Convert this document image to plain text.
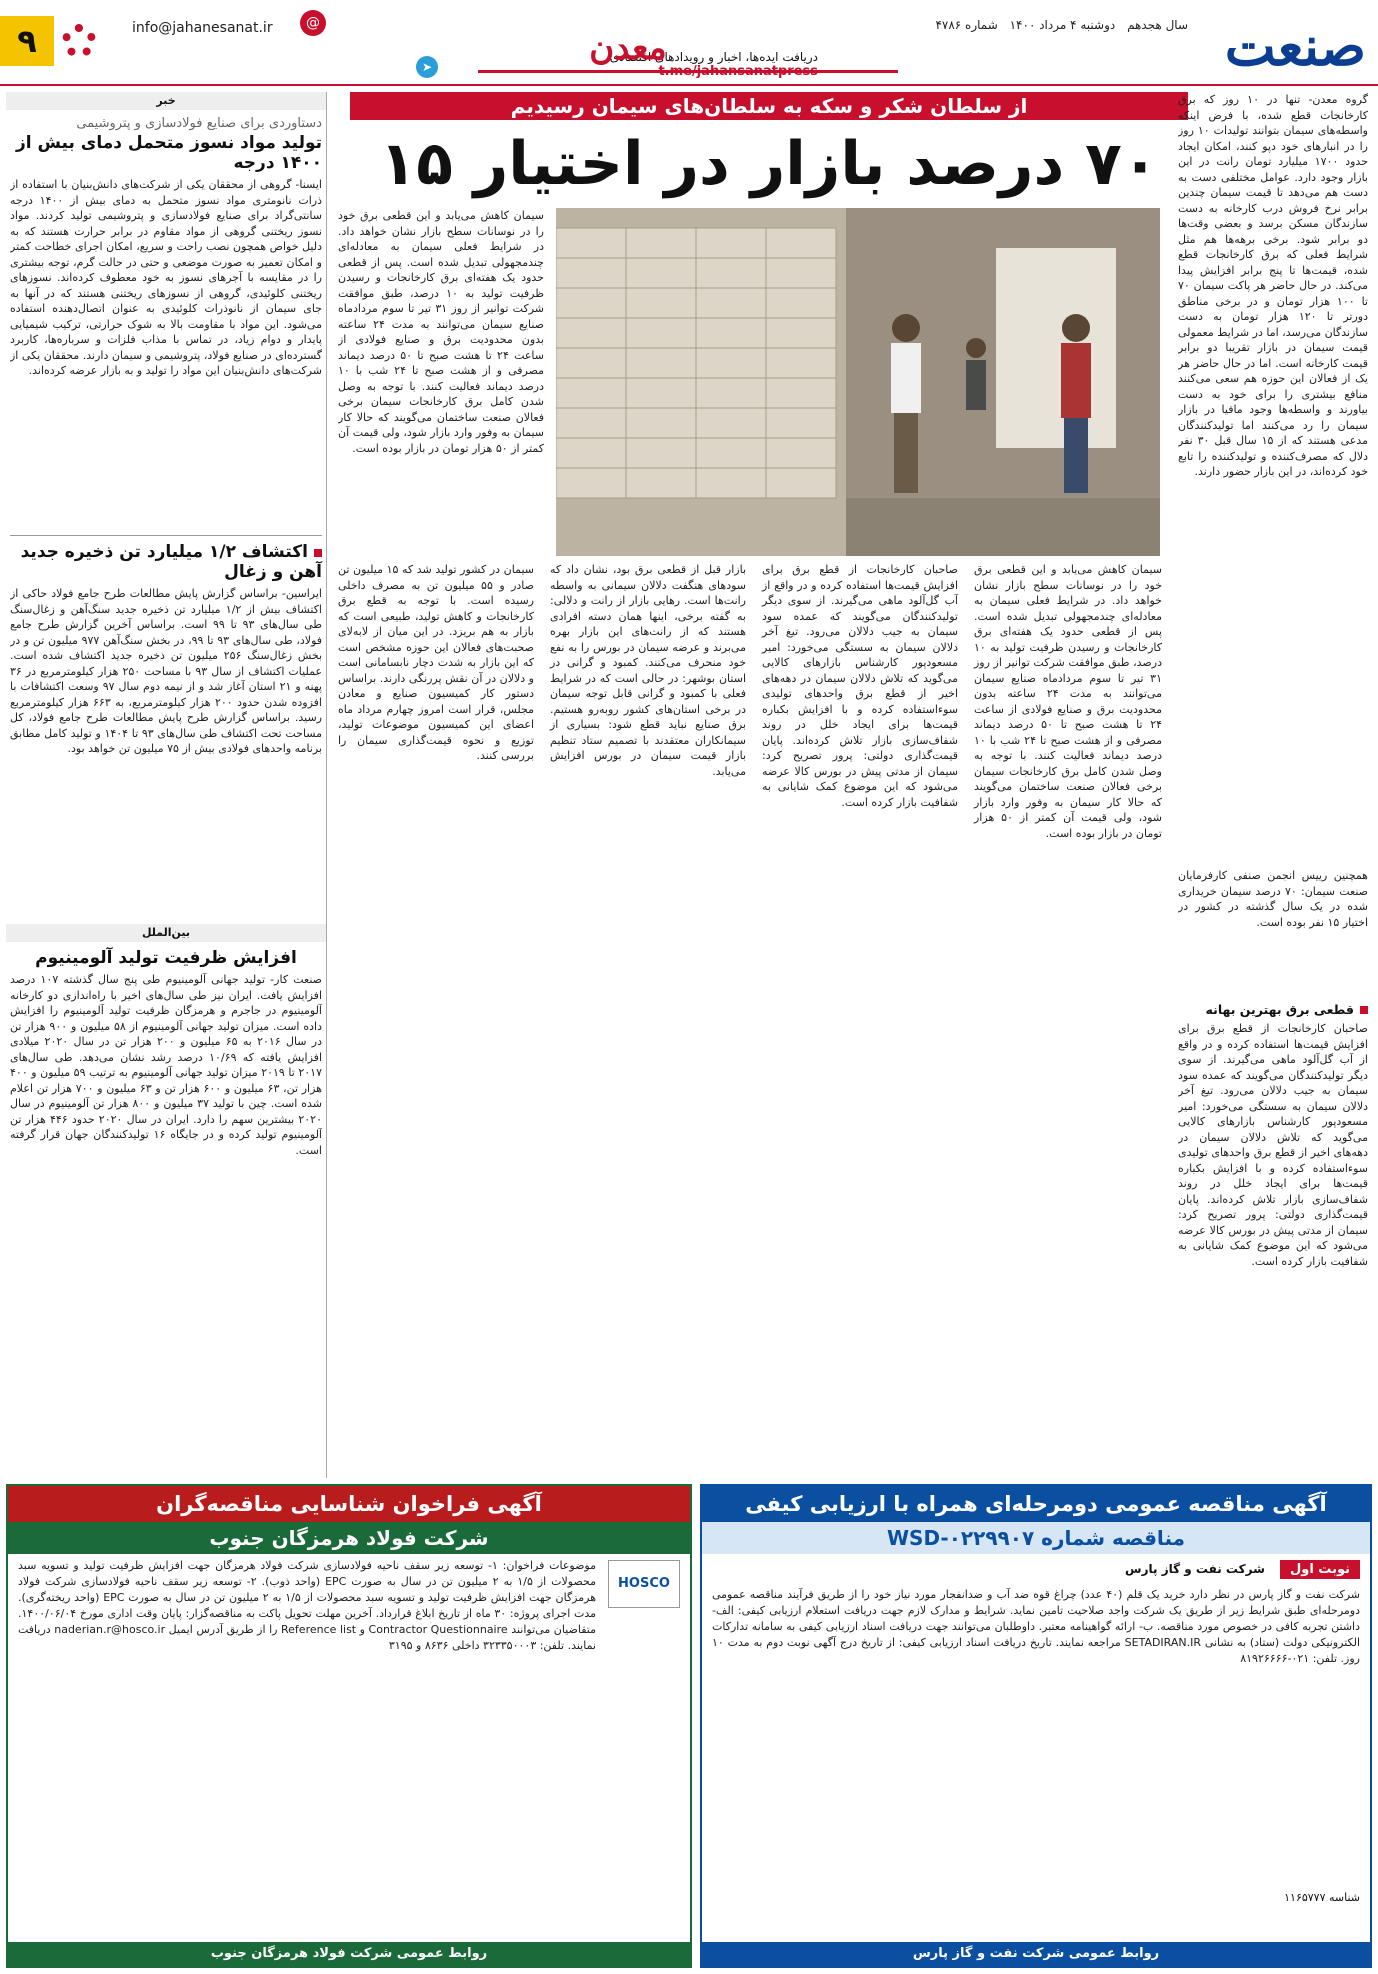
صنعت
سال هجدهم دوشنبه ۴ مرداد ۱۴۰۰ شماره ۴۷۸۶
دریافت ایده‌ها، اخبار و رویدادهای اقتصادی
➤	معدن
@
info@jahanesanat.ir
۹
خبر
دستاوردی برای صنایع فولادسازی و پتروشیمی
تولید مواد نسوز متحمل دمای بیش از ۱۴۰۰ درجه
ایسنا- گروهی از محققان یکی از شرکت‌های دانش‌بنیان با استفاده از ذرات نانومتری مواد نسوز متحمل به دمای بیش از ۱۴۰۰ درجه سانتی‌گراد برای صنایع فولادسازی و پتروشیمی تولید کردند. مواد نسوز ریختنی گروهی از مواد مقاوم در برابر حرارت هستند که به دلیل خواص همچون نصب راحت و سریع، امکان اجرای خطاحت کمتر و امکان تعمیر به صورت موضعی و حتی در حالت گرم، توجه بیشتری را در مقایسه با آجرهای نسوز به خود معطوف کرده‌اند. نسوزهای ریختنی کلوئیدی، گروهی از نسوزهای ریختنی هستند که در آنها به جای سیمان از نانوذرات کلوئیدی به عنوان اتصال‌دهنده استفاده می‌شود. این مواد با مقاومت بالا به شوک حرارتی، ترکیب شیمیایی پایدار و دوام زیاد، در تماس با مذاب فلزات و سرباره‌ها، کاربرد گسترده‌ای در صنایع فولاد، پتروشیمی و سیمان دارند. محققان یکی از شرکت‌های دانش‌بنیان این مواد را تولید و به بازار عرضه کرده‌اند.
اکتشاف ۱/۲ میلیارد تن ذخیره جدید آهن و زغال
ایراسین- براساس گزارش پایش مطالعات طرح جامع فولاد حاکی از اکتشاف بیش از ۱/۲ میلیارد تن ذخیره جدید سنگ‌آهن و زغال‌سنگ طی سال‌های ۹۳ تا ۹۹ است. براساس آخرین گزارش طرح جامع فولاد، طی سال‌های ۹۳ تا ۹۹، در بخش سنگ‌آهن ۹۷۷ میلیون تن و در بخش زغال‌سنگ ۲۵۶ میلیون تن ذخیره جدید اکتشاف شده است. عملیات اکتشاف از سال ۹۳ با مساحت ۲۵۰ هزار کیلومترمربع در ۳۶ پهنه و ۲۱ استان آغاز شد و از نیمه دوم سال ۹۷ وسعت اکتشافات با افزوده شدن حدود ۲۰۰ هزار کیلومترمربع، به ۶۶۳ هزار کیلومترمربع رسید. براساس گزارش طرح پایش مطالعات طرح جامع فولاد، کل مساحت تحت اکتشاف طی سال‌های ۹۳ تا ۱۴۰۴ و تولید کامل مطابق برنامه واحدهای فولادی بیش از ۷۵ میلیون تن خواهد بود.
بین‌الملل
افزایش ظرفیت تولید آلومینیوم
صنعت کار- تولید جهانی آلومینیوم طی پنج سال گذشته ۱۰۷ درصد افزایش یافت. ایران نیز طی سال‌های اخیر با راه‌اندازی دو کارخانه آلومینیوم در جاجرم و هرمزگان ظرفیت تولید آلومینیوم را افزایش داده است. میزان تولید جهانی آلومینیوم از ۵۸ میلیون و ۹۰۰ هزار تن در سال ۲۰۱۶ به ۶۵ میلیون و ۲۰۰ هزار تن در سال ۲۰۲۰ میلادی افزایش یافته که ۱۰/۶۹ درصد رشد نشان می‌دهد. طی سال‌های ۲۰۱۷ تا ۲۰۱۹ میزان تولید جهانی آلومینیوم به ترتیب ۵۹ میلیون و ۴۰۰ هزار تن، ۶۳ میلیون و ۶۰۰ هزار تن و ۶۳ میلیون و ۷۰۰ هزار تن اعلام شده است. چین با تولید ۳۷ میلیون و ۸۰۰ هزار تن آلومینیوم در سال ۲۰۲۰ بیشترین سهم را دارد. ایران در سال ۲۰۲۰ حدود ۴۴۶ هزار تن آلومینیوم تولید کرده و در جایگاه ۱۶ تولیدکنندگان جهان قرار گرفته است.
از سلطان شکر و سکه به سلطان‌های سیمان رسیدیم
۷۰ درصد بازار در اختیار ۱۵
گروه معدن- تنها در ۱۰ روز که برق کارخانجات قطع شده، با فرض اینکه واسطه‌های سیمان بتوانند تولیدات ۱۰ روز را در انبارهای خود دپو کنند، امکان ایجاد حدود ۱۷۰۰ میلیارد تومان رانت در این بازار وجود دارد. عوامل مختلفی دست به دست هم می‌دهد تا قیمت سیمان چندین برابر نرخ فروش درب کارخانه به دست سازندگان مسکن برسد و بعضی وقت‌ها دو برابر شود. برخی برهه‌ها هم مثل شرایط فعلی که برق کارخانجات قطع شده، قیمت‌ها تا پنج برابر افزایش پیدا می‌کند. در حال حاضر هر پاکت سیمان ۷۰ تا ۱۰۰ هزار تومان و در برخی مناطق دورتر تا ۱۲۰ هزار تومان به دست سازندگان می‌رسد، اما در شرایط معمولی قیمت سیمان در بازار تقریبا دو برابر قیمت کارخانه است. اما در حال حاضر هر یک از فعالان این حوزه هم سعی می‌کنند منافع بیشتری را برای خود به دست بیاورند و واسطه‌ها وجود مافیا در بازار سیمان را رد می‌کنند اما تولیدکنندگان مدعی هستند که از ۱۵ سال قبل ۳۰ نفر دلال که مصرف‌کننده و تولیدکننده را تابع خود کرده‌اند، در این بازار حضور دارند.
همچنین رییس انجمن صنفی کارفرمایان صنعت سیمان: ۷۰ درصد سیمان خریداری شده در یک سال گذشته در کشور در اختیار ۱۵ نفر بوده است.
قطعی برق بهترین بهانه
صاحبان کارخانجات از قطع برق برای افزایش قیمت‌ها استفاده کرده و در واقع از آب گل‌آلود ماهی می‌گیرند. از سوی دیگر تولیدکنندگان می‌گویند که عمده سود سیمان به جیب دلالان می‌رود. تیغ آخر دلالان سیمان به سستگی می‌خورد: امیر مسعودپور کارشناس بازارهای کالایی می‌گوید که تلاش دلالان سیمان در دهه‌های اخیر از قطع برق واحدهای تولیدی سوءاستفاده کرده و با افزایش بکباره قیمت‌ها برای ایجاد خلل در روند شفاف‌سازی بازار تلاش کرده‌اند. پایان قیمت‌گذاری دولتی: پرور تصریح کرد: سیمان از مدتی پیش در بورس کالا عرضه می‌شود که این موضوع کمک شایانی به شفافیت بازار کرده است.
سیمان کاهش می‌یابد و این قطعی برق خود را در نوسانات سطح بازار نشان خواهد داد. در شرایط فعلی سیمان به معادله‌ای چندمجهولی تبدیل شده است. پس از قطعی حدود یک هفته‌ای برق کارخانجات و رسیدن ظرفیت تولید به ۱۰ درصد، طبق موافقت شرکت توانیر از روز ۳۱ تیر تا سوم مردادماه صنایع سیمان می‌توانند به مدت ۲۴ ساعته بدون محدودیت برق و صنایع فولادی از ساعت ۲۴ تا هشت صبح تا ۵۰ درصد دیماند مصرفی و از هشت صبح تا ۲۴ شب با ۱۰ درصد دیماند فعالیت کنند. با توجه به وصل شدن کامل برق کارخانجات سیمان برخی فعالان صنعت ساختمان می‌گویند که حالا کار سیمان به وفور وارد بازار شود، ولی قیمت آن کمتر از ۵۰ هزار تومان در بازار بوده است.
سیمان در کشور تولید شد که ۱۵ میلیون تن صادر و ۵۵ میلیون تن به مصرف داخلی رسیده است. با توجه به قطع برق کارخانجات و کاهش تولید، طبیعی است که بازار به هم بریزد. در این میان از لابه‌لای صحبت‌های فعالان این حوزه مشخص است که این بازار به شدت دچار نابسامانی است و دلالان در آن نقش پررنگی دارند. براساس دستور کار کمیسیون صنایع و معادن مجلس، قرار است امروز چهارم مرداد ماه اعضای این کمیسیون موضوعات تولید، توزیع و نحوه قیمت‌گذاری سیمان را بررسی کنند.
بازار قبل از قطعی برق بود، نشان داد که سودهای هنگفت دلالان سیمانی به واسطه رانت‌ها است. رهایی بازار از رانت و دلالی: به گفته برخی، اینها همان دسته افرادی هستند که از رانت‌های این بازار بهره می‌برند و عرضه سیمان در بورس را به نفع خود منحرف می‌کنند. کمبود و گرانی در استان بوشهر: در حالی است که در شرایط فعلی با کمبود و گرانی قابل توجه سیمان در برخی استان‌های کشور روبه‌رو هستیم. برق صنایع نباید قطع شود: بسیاری از سیمانکاران معتقدند با تصمیم ستاد تنظیم بازار قیمت سیمان در بورس افزایش می‌یابد.
صاحبان کارخانجات از قطع برق برای افزایش قیمت‌ها استفاده کرده و در واقع از آب گل‌آلود ماهی می‌گیرند. از سوی دیگر تولیدکنندگان می‌گویند که عمده سود سیمان به جیب دلالان می‌رود. تیغ آخر دلالان سیمان به سستگی می‌خورد: امیر مسعودپور کارشناس بازارهای کالایی می‌گوید که تلاش دلالان سیمان در دهه‌های اخیر از قطع برق واحدهای تولیدی سوءاستفاده کرده و با افزایش بکباره قیمت‌ها برای ایجاد خلل در روند شفاف‌سازی بازار تلاش کرده‌اند. پایان قیمت‌گذاری دولتی: پرور تصریح کرد: سیمان از مدتی پیش در بورس کالا عرضه می‌شود که این موضوع کمک شایانی به شفافیت بازار کرده است.
سیمان کاهش می‌یابد و این قطعی برق خود را در نوسانات سطح بازار نشان خواهد داد. در شرایط فعلی سیمان به معادله‌ای چندمجهولی تبدیل شده است. پس از قطعی حدود یک هفته‌ای برق کارخانجات و رسیدن ظرفیت تولید به ۱۰ درصد، طبق موافقت شرکت توانیر از روز ۳۱ تیر تا سوم مردادماه صنایع سیمان می‌توانند به مدت ۲۴ ساعته بدون محدودیت برق و صنایع فولادی از ساعت ۲۴ تا هشت صبح تا ۵۰ درصد دیماند مصرفی و از هشت صبح تا ۲۴ شب با ۱۰ درصد دیماند فعالیت کنند. با توجه به وصل شدن کامل برق کارخانجات سیمان برخی فعالان صنعت ساختمان می‌گویند که حالا کار سیمان به وفور وارد بازار شود، ولی قیمت آن کمتر از ۵۰ هزار تومان در بازار بوده است.
آگهی مناقصه عمومی دومرحله‌ای همراه با ارزیابی کیفی
مناقصه شماره WSD-۰۲۲۹۹۰۷
نوبت اول شرکت نفت و گاز پارس
شرکت نفت و گاز پارس در نظر دارد خرید یک قلم (۴۰ عدد) چراغ قوه ضد آب و ضدانفجار مورد نیاز خود را از طریق فرآیند مناقصه عمومی دومرحله‌ای طبق شرایط زیر از طریق یک شرکت واجد صلاحیت تامین نماید. شرایط و مدارک لازم جهت دریافت استعلام ارزیابی کیفی: الف- داشتن تجربه کافی در خصوص مورد مناقصه. ب- ارائه گواهینامه معتبر. داوطلبان می‌توانند جهت دریافت اسناد ارزیابی کیفی به سامانه تدارکات الکترونیکی دولت (ستاد) به نشانی SETADIRAN.IR مراجعه نمایند. تاریخ دریافت اسناد ارزیابی کیفی: از تاریخ درج آگهی نوبت دوم به مدت ۱۰ روز. تلفن: ۰۲۱-۸۱۹۲۶۶۶۶
شناسه ۱۱۶۵۷۷۷
روابط عمومی شرکت نفت و گاز پارس
آگهی فراخوان شناسایی مناقصه‌گران
شرکت فولاد هرمزگان جنوب
HOSCO
موضوعات فراخوان: ۱- توسعه زیر سقف ناحیه فولادسازی شرکت فولاد هرمزگان جهت افزایش ظرفیت تولید و تسویه سبد محصولات از ۱/۵ به ۲ میلیون تن در سال به صورت EPC (واحد ذوب). ۲- توسعه زیر سقف ناحیه فولادسازی شرکت فولاد هرمزگان جهت افزایش ظرفیت تولید و تسویه سبد محصولات از ۱/۵ به ۲ میلیون تن در سال به صورت EPC (واحد ریخته‌گری). مدت اجرای پروژه: ۳۰ ماه از تاریخ ابلاغ قرارداد. آخرین مهلت تحویل پاکت به مناقصه‌گزار: پایان وقت اداری مورخ ۱۴۰۰/۰۶/۰۴. متقاضیان می‌توانند Contractor Questionnaire و Reference list را از طریق آدرس ایمیل naderian.r@hosco.ir دریافت نمایند. تلفن: ۳۲۳۳۵۰۰۰۳ داخلی ۸۶۳۶ و ۳۱۹۵
روابط عمومی شرکت فولاد هرمزگان جنوب
